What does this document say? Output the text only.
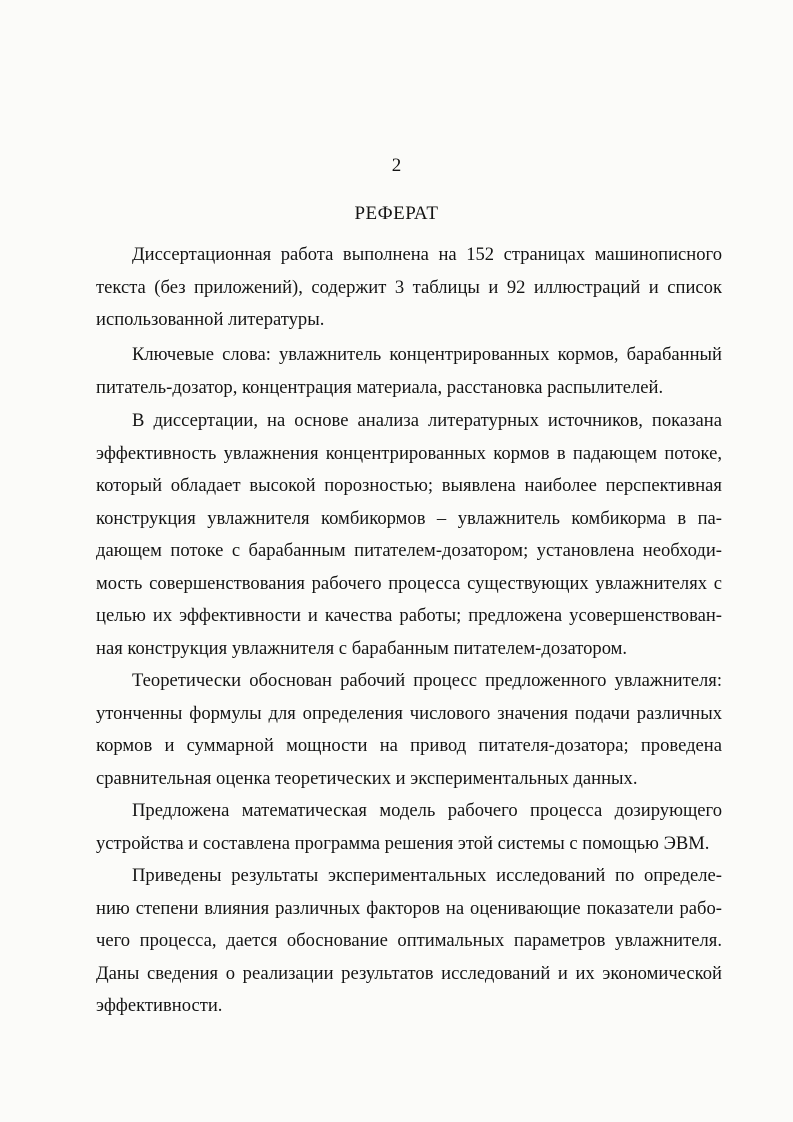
2
РЕФЕРАТ

Диссертационная работа выполнена на 152 страницах машинописного
текста (без приложений), содержит 3 таблицы и 92 иллюстраций и список
использованной литературы.

Ключевые слова: увлажнитель концентрированных кормов, барабанный
питатель-дозатор, концентрация материала, расстановка распылителей.

В диссертации, на основе анализа литературных источников, показана
эффективность увлажнения концентрированных кормов в падающем потоке,
который обладает высокой порозностью; выявлена наиболее перспективная
конструкция увлажнителя комбикормов – увлажнитель комбикорма в па-
дающем потоке с барабанным питателем-дозатором; установлена необходи-
мость совершенствования рабочего процесса существующих увлажнителях с
целью их эффективности и качества работы; предложена усовершенствован-
ная конструкция увлажнителя с барабанным питателем-дозатором.

Теоретически обоснован рабочий процесс предложенного увлажнителя:
утонченны формулы для определения числового значения подачи различных
кормов и суммарной мощности на привод питателя-дозатора; проведена
сравнительная оценка теоретических и экспериментальных данных.

Предложена математическая модель рабочего процесса дозирующего
устройства и составлена программа решения этой системы с помощью ЭВМ.

Приведены результаты экспериментальных исследований по определе-
нию степени влияния различных факторов на оценивающие показатели рабо-
чего процесса, дается обоснование оптимальных параметров увлажнителя.
Даны сведения о реализации результатов исследований и их экономической
эффективности.
